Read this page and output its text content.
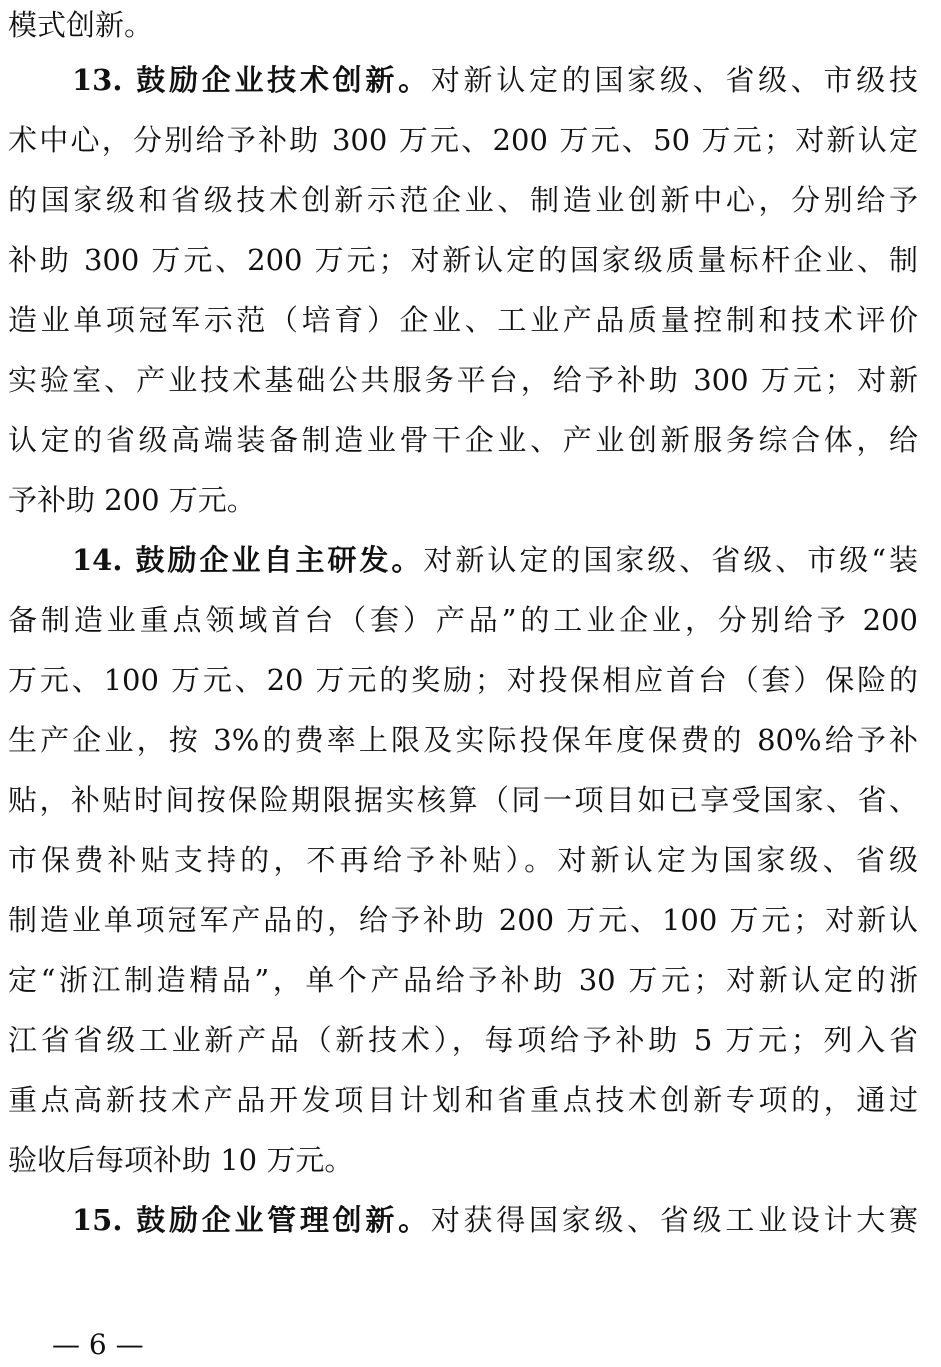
模式创新。

13. 鼓励企业技术创新。对新认定的国家级、省级、市级技

术中心，分别给予补助 300 万元、200 万元、50 万元；对新认定

的国家级和省级技术创新示范企业、制造业创新中心，分别给予

补助 300 万元、200 万元；对新认定的国家级质量标杆企业、制

造业单项冠军示范（培育）企业、工业产品质量控制和技术评价

实验室、产业技术基础公共服务平台，给予补助 300 万元；对新

认定的省级高端装备制造业骨干企业、产业创新服务综合体，给

予补助 200 万元。

14. 鼓励企业自主研发。对新认定的国家级、省级、市级“装

备制造业重点领域首台（套）产品”的工业企业，分别给予 200

万元、100 万元、20 万元的奖励；对投保相应首台（套）保险的

生产企业，按 3%的费率上限及实际投保年度保费的 80%给予补

贴，补贴时间按保险期限据实核算（同一项目如已享受国家、省、

市保费补贴支持的，不再给予补贴）。对新认定为国家级、省级

制造业单项冠军产品的，给予补助 200 万元、100 万元；对新认

定“浙江制造精品”，单个产品给予补助 30 万元；对新认定的浙

江省省级工业新产品（新技术），每项给予补助 5 万元；列入省

重点高新技术产品开发项目计划和省重点技术创新专项的，通过

验收后每项补助 10 万元。

15. 鼓励企业管理创新。对获得国家级、省级工业设计大赛

— 6 —
